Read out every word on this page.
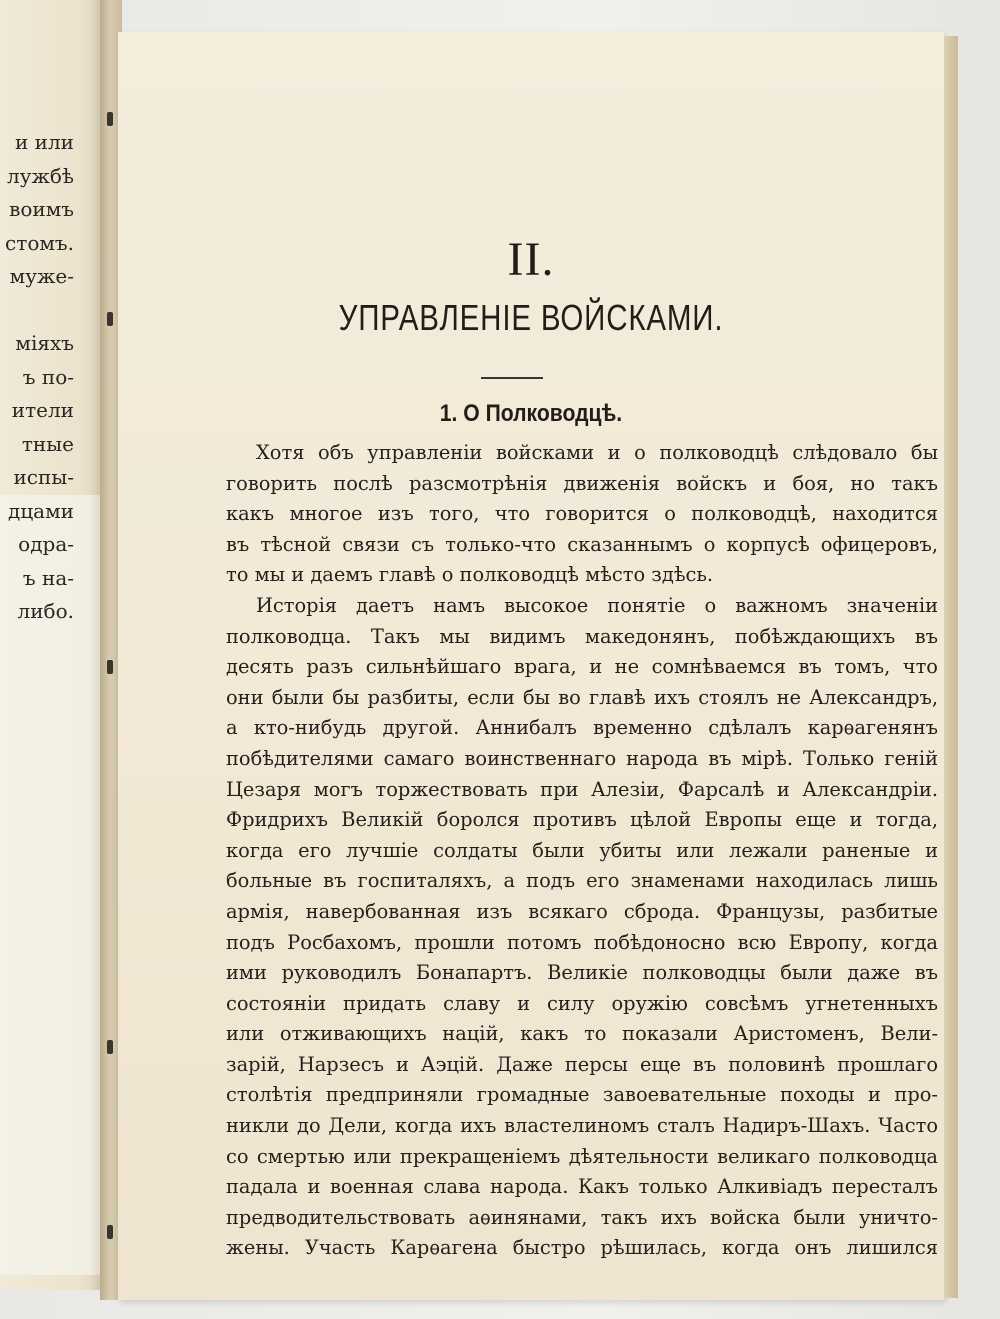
и или
лужбѣ
воимъ
стомъ.
мужe-
міяхъ
ъ по-
ители
тные
испы-
дцами
одра-
ъ на-
либо.
II.
УПРАВЛЕНІЕ ВОЙСКАМИ.
1. О Полководцѣ.
Хотя объ управленіи войсками и о полководцѣ слѣдовало бы
говорить послѣ разсмотрѣнія движенія войскъ и боя, но такъ
какъ многое изъ того, что говорится о полководцѣ, находится
въ тѣсной связи съ только-что сказаннымъ о корпусѣ офицеровъ,
то мы и даемъ главѣ о полководцѣ мѣсто здѣсь.
Исторія даетъ намъ высокое понятіе о важномъ значеніи
полководца. Такъ мы видимъ македонянъ, побѣждающихъ въ
десять разъ сильнѣйшаго врага, и не сомнѣваемся въ томъ, что
они были бы разбиты, если бы во главѣ ихъ стоялъ не Александръ,
а кто-нибудь другой. Аннибалъ временно сдѣлалъ карѳагенянъ
побѣдителями самаго воинственнаго народа въ мірѣ. Только геній
Цезаря могъ торжествовать при Алезіи, Фарсалѣ и Александріи.
Фридрихъ Великій боролся противъ цѣлой Европы еще и тогда,
когда его лучшіе солдаты были убиты или лежали раненые и
больные въ госпиталяхъ, а подъ его знаменами находилась лишь
армія, навербованная изъ всякаго сброда. Французы, разбитые
подъ Росбахомъ, прошли потомъ побѣдоносно всю Европу, когда
ими руководилъ Бонапартъ. Великіе полководцы были даже въ
состояніи придать славу и силу оружію совсѣмъ угнетенныхъ
или отживающихъ націй, какъ то показали Аристоменъ, Вели-
зарій, Нарзесъ и Аэцій. Даже персы еще въ половинѣ прошлаго
столѣтія предприняли громадные завоевательные походы и про-
никли до Дели, когда ихъ властелиномъ сталъ Надиръ-Шахъ. Часто
со смертью или прекращеніемъ дѣятельности великаго полководца
падала и военная слава народа. Какъ только Алкивіадъ пересталъ
предводительствовать аѳинянами, такъ ихъ войска были уничто-
жены. Участь Карѳагена быстро рѣшилась, когда онъ лишился
